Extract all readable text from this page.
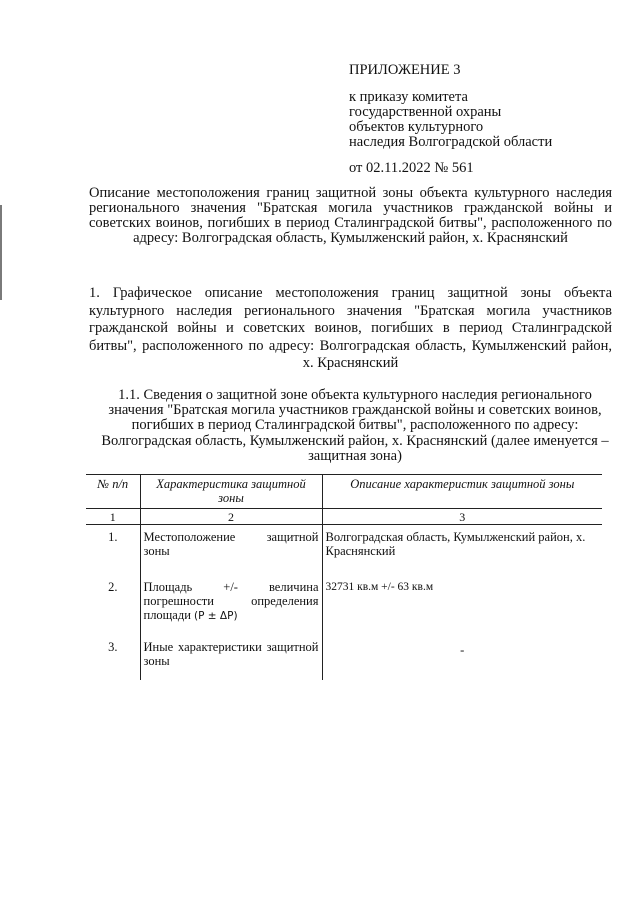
ПРИЛОЖЕНИЕ 3
к приказу комитета
государственной охраны
объектов культурного
наследия Волгоградской области
от 02.11.2022 № 561
Описание местоположения границ защитной зоны объекта культурного наследия регионального значения "Братская могила участников гражданской войны и советских воинов, погибших в период Сталинградской битвы", расположенного по адресу: Волгоградская область, Кумылженский район, х. Краснянский
1. Графическое описание местоположения границ защитной зоны объекта культурного наследия регионального значения "Братская могила участников гражданской войны и советских воинов, погибших в период Сталинградской битвы", расположенного по адресу: Волгоградская область, Кумылженский район, х. Краснянский
1.1. Сведения о защитной зоне объекта культурного наследия регионального значения "Братская могила участников гражданской войны и советских воинов, погибших в период Сталинградской битвы", расположенного по адресу: Волгоградская область, Кумылженский район, х. Краснянский (далее именуется – защитная зона)
№ п/п	Характеристика защитной зоны	Описание характеристик защитной зоны
1	2	3
1.	Местоположение защитной зоны	Волгоградская область, Кумылженский район, х. Краснянский
2.	Площадь +/- величина погрешности определения площади (P ± ΔP)	32731 кв.м +/- 63 кв.м
3.	Иные характеристики защитной зоны	-
